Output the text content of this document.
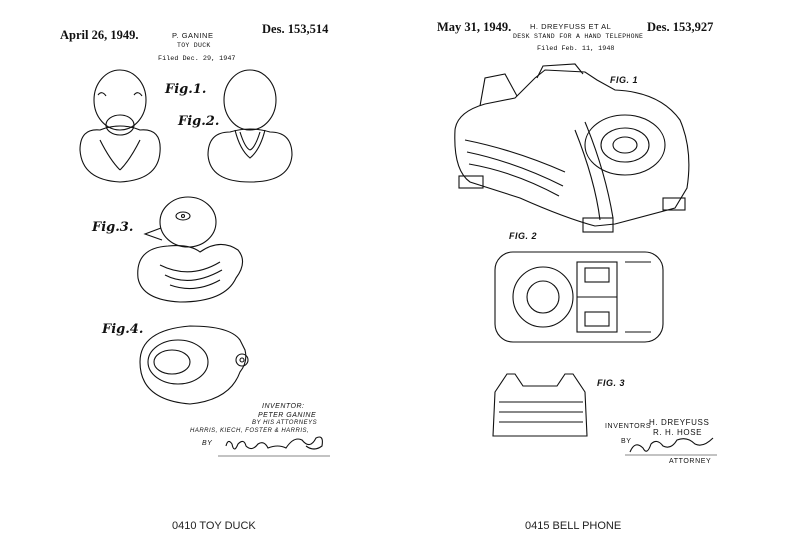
April 26, 1949.	P. GANINE	Des. 153,514
TOY DUCK
Filed Dec. 29, 1947
Fig.1.
Fig.2.
Fig.3.
Fig.4.
INVENTOR:
PETER GANINE
BY HIS ATTORNEYS
HARRIS, KIECH, FOSTER & HARRIS,
BY
0410 TOY DUCK
May 31, 1949. H. DREYFUSS ET AL	Des. 153,927
DESK STAND FOR A HAND TELEPHONE
Filed Feb. 11, 1948
FIG. 1
FIG. 2
FIG. 3
INVENTORS
H. DREYFUSS
R. H. HOSE
BY
ATTORNEY
0415 BELL PHONE
